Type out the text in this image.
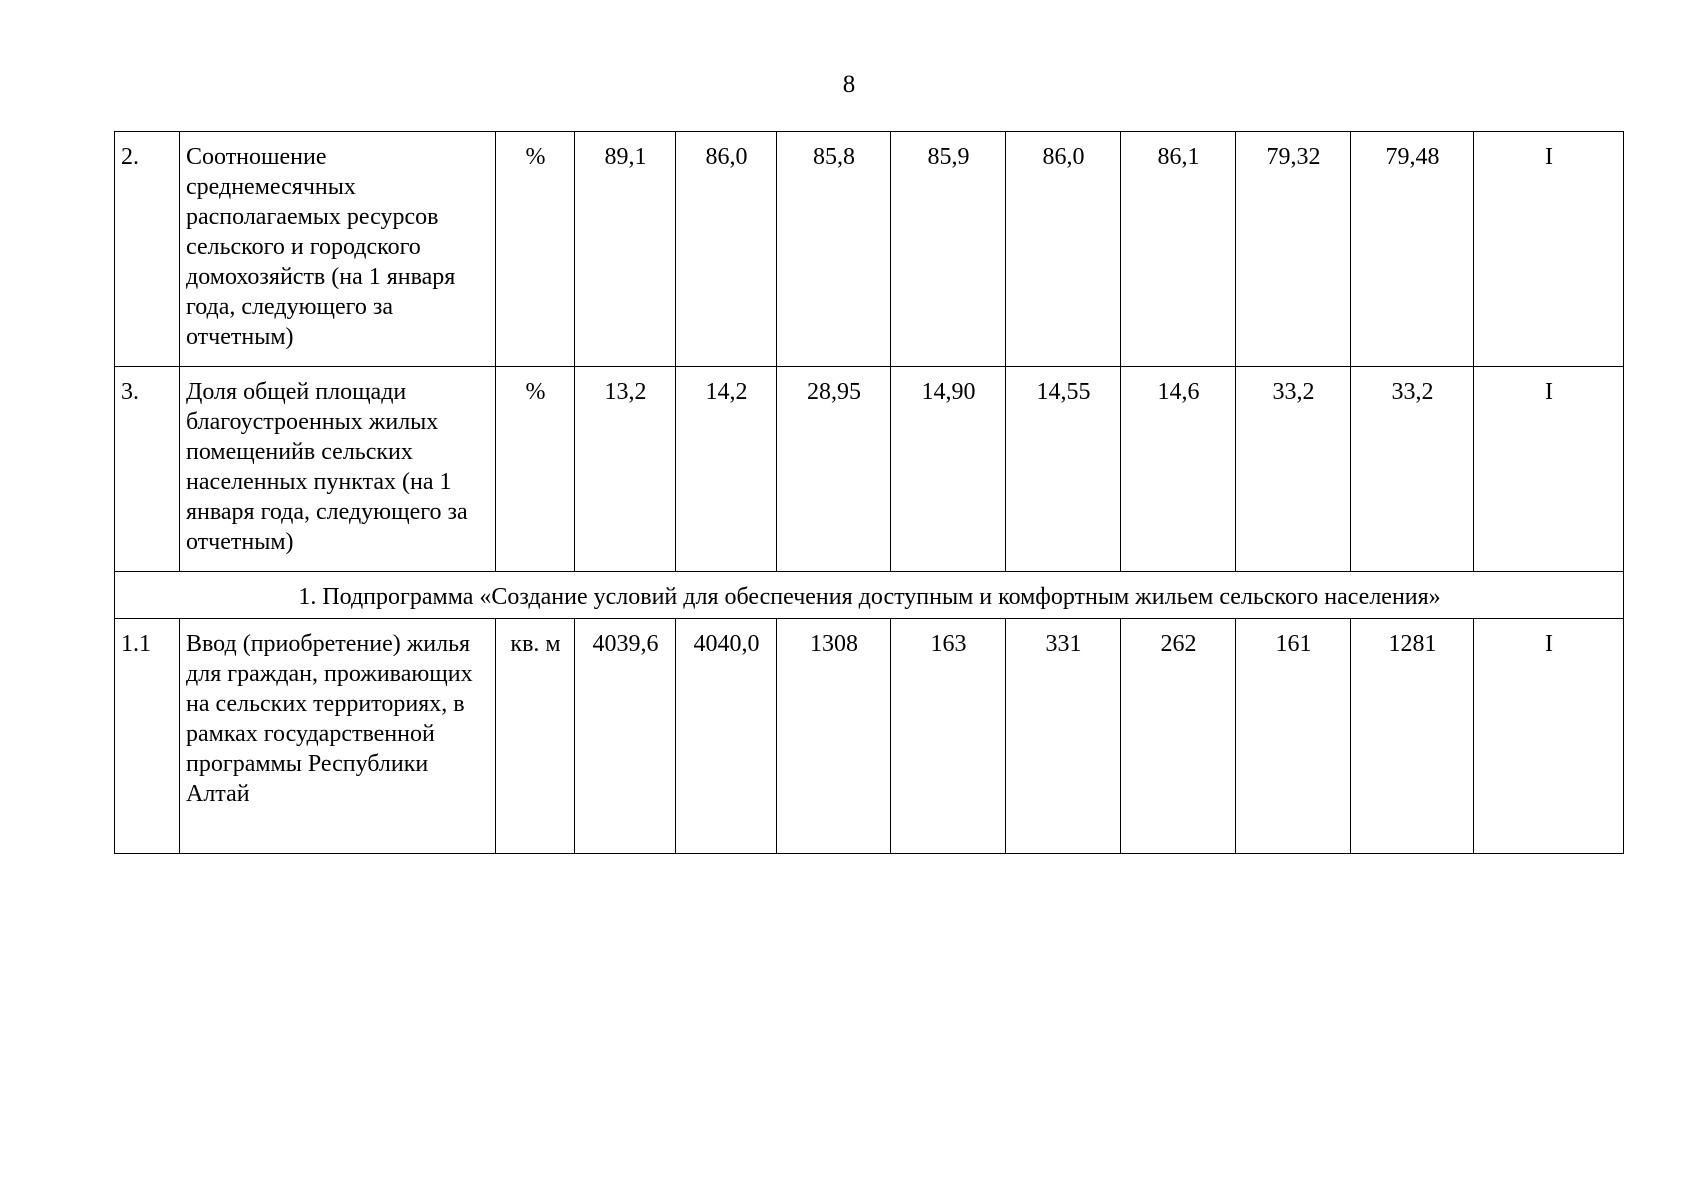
8
2.	Соотношение среднемесячных располагаемых ресурсов сельского и городского домохозяйств (на 1 января года, следующего за отчетным)	%	89,1	86,0	85,8	85,9	86,0	86,1	79,32	79,48	I
3.	Доля общей площади благоустроенных жилых помещенийв сельских населенных пунктах (на 1 января года, следующего за отчетным)	%	13,2	14,2	28,95	14,90	14,55	14,6	33,2	33,2	I
1. Подпрограмма «Создание условий для обеспечения доступным и комфортным жильем сельского населения»											
1.1	Ввод (приобретение) жилья для граждан, проживающих на сельских территориях, в рамках государственной программы Республики Алтай	кв. м	4039,6	4040,0	1308	163	331	262	161	1281	I
